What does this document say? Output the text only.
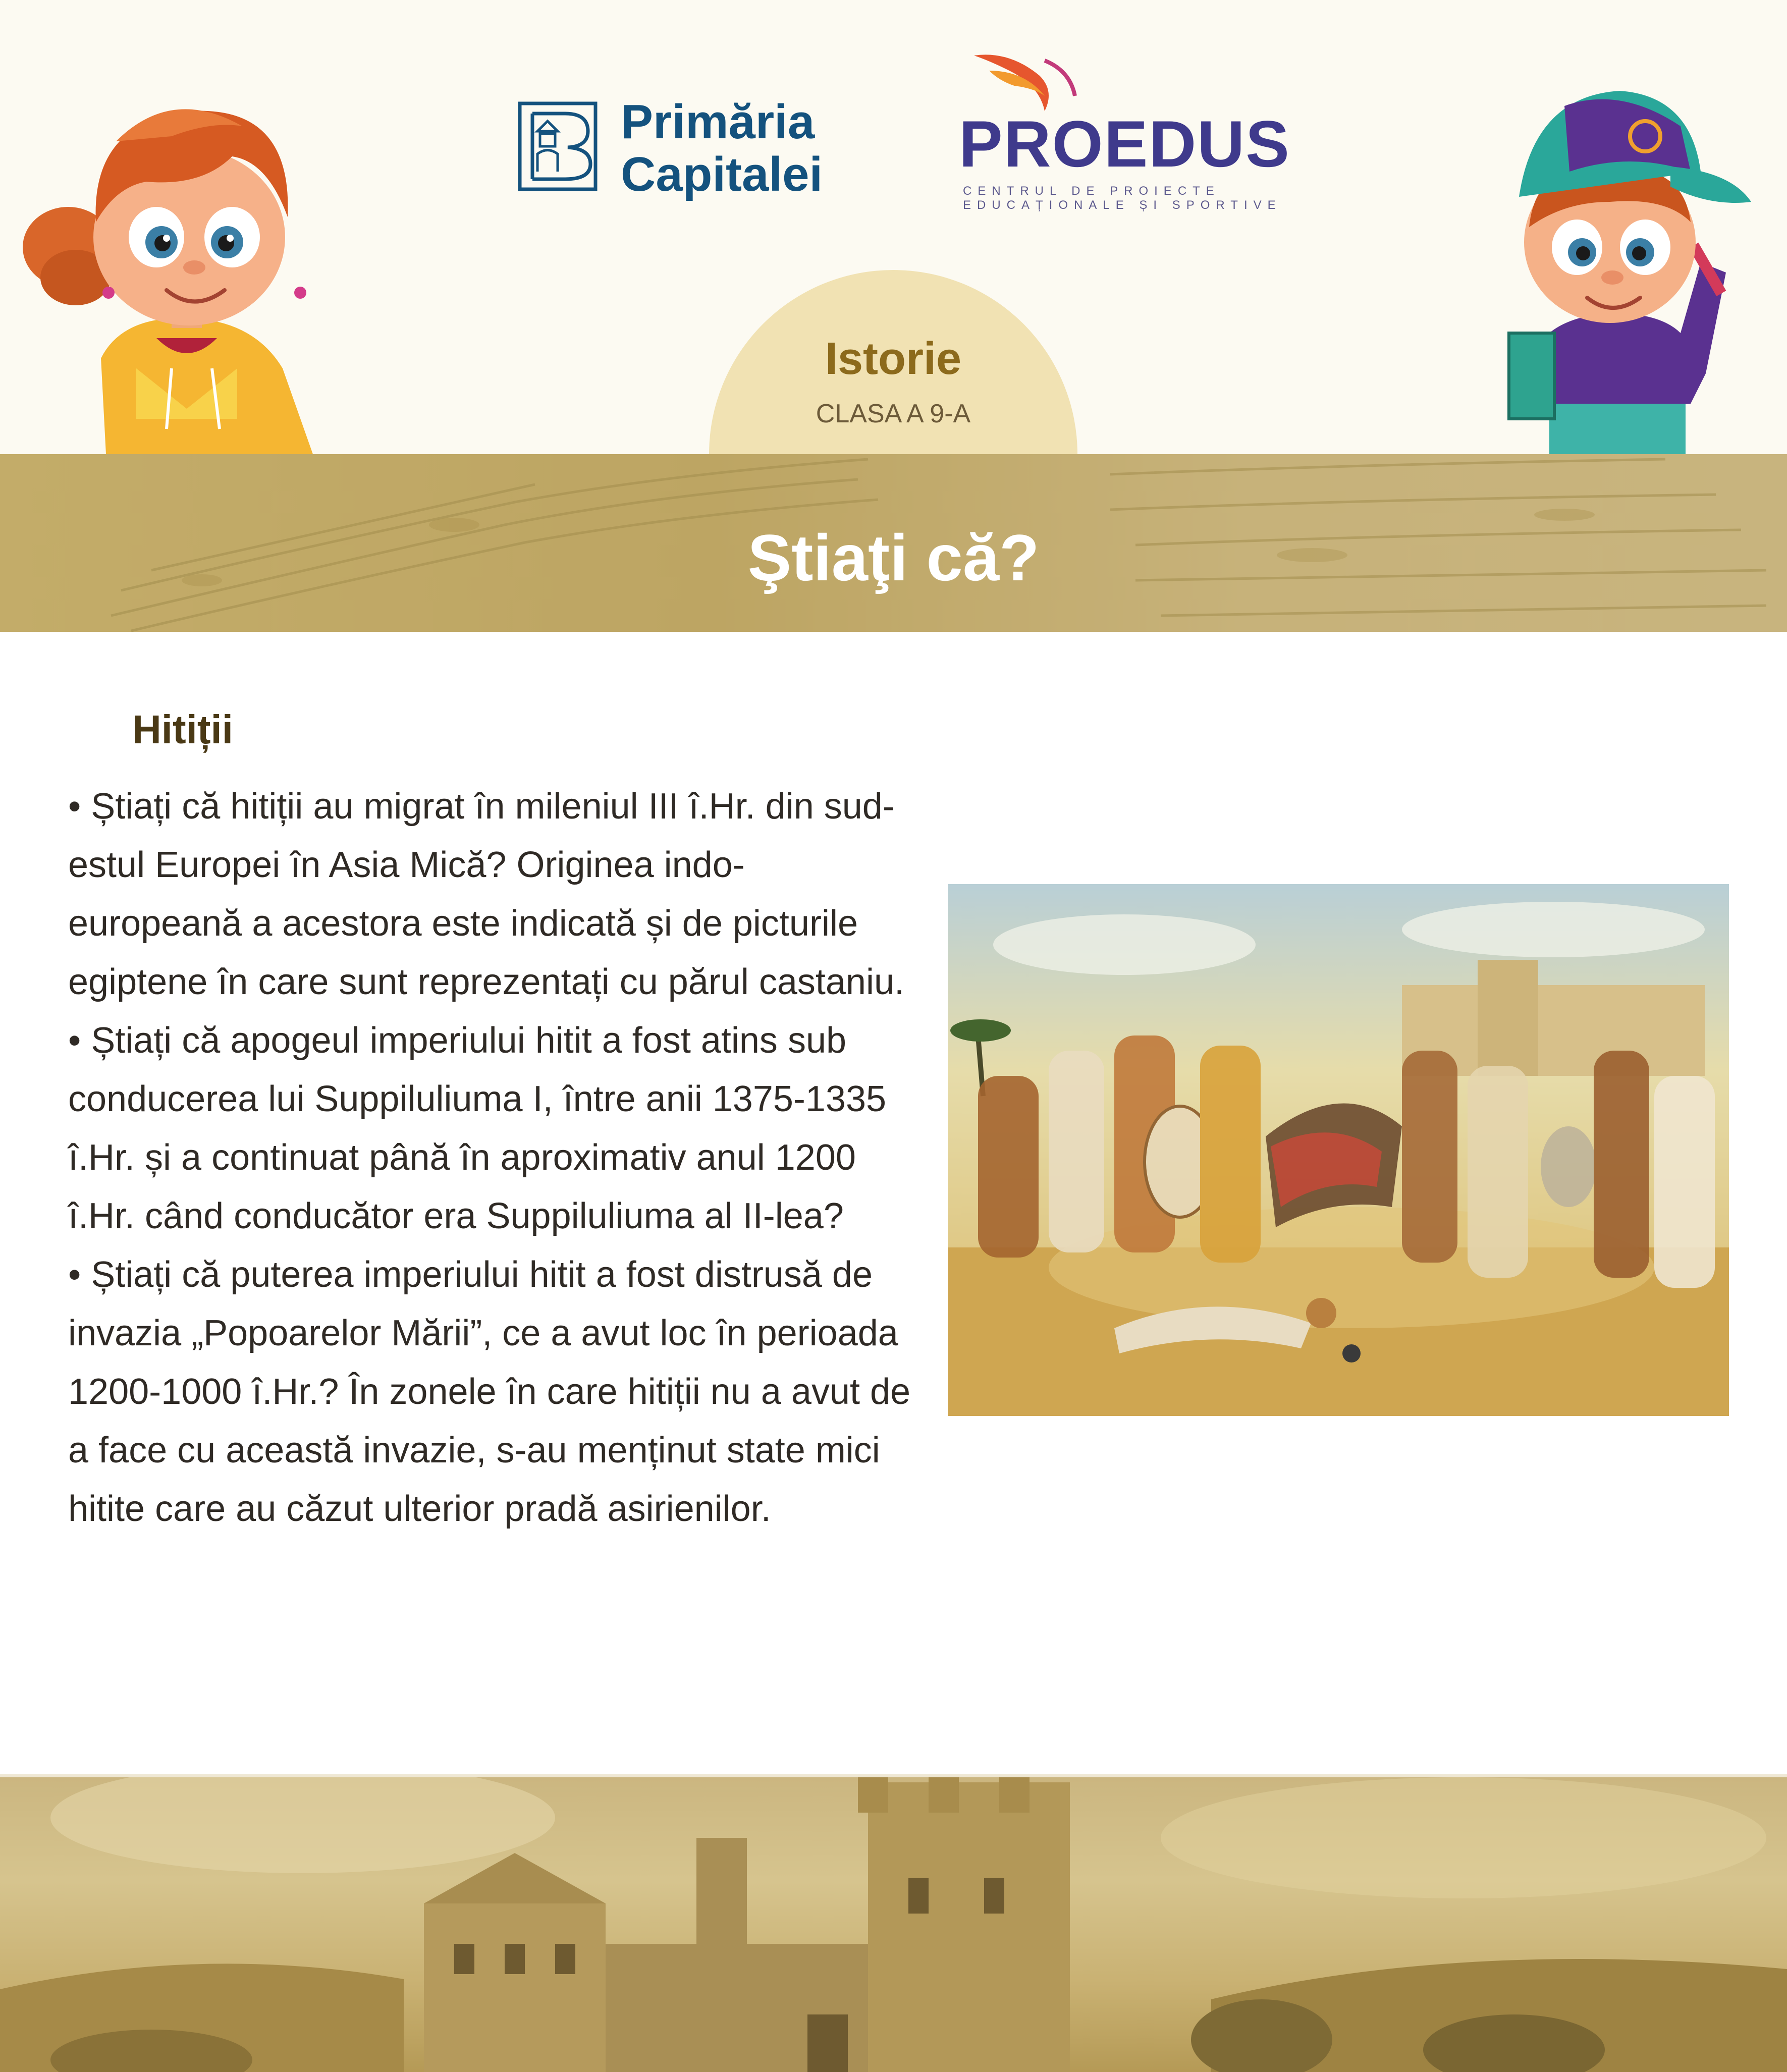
Primăria
Capitalei PROEDUS
CENTRUL DE PROIECTE
EDUCAȚIONALE ȘI SPORTIVE
Istorie
CLASA A 9-A
Ştiaţi că?
Hitiții

• Știați că hitiții au migrat în mileniul III î.Hr. din sud-estul Europei în Asia Mică? Originea indo-europeană a acestora este indicată și de picturile egiptene în care sunt reprezentați cu părul castaniu.

• Știați că apogeul imperiului hitit a fost atins sub conducerea lui Suppiluliuma I, între anii 1375-1335 î.Hr. și a continuat până în aproximativ anul 1200 î.Hr. când conducător era Suppiluliuma al II-lea?

• Știați că puterea imperiului hitit a fost distrusă de invazia „Popoarelor Mării”, ce a avut loc în perioada 1200-1000 î.Hr.? În zonele în care hitiții nu a avut de a face cu această invazie, s-au menținut state mici hitite care au căzut ulterior pradă asirienilor.
